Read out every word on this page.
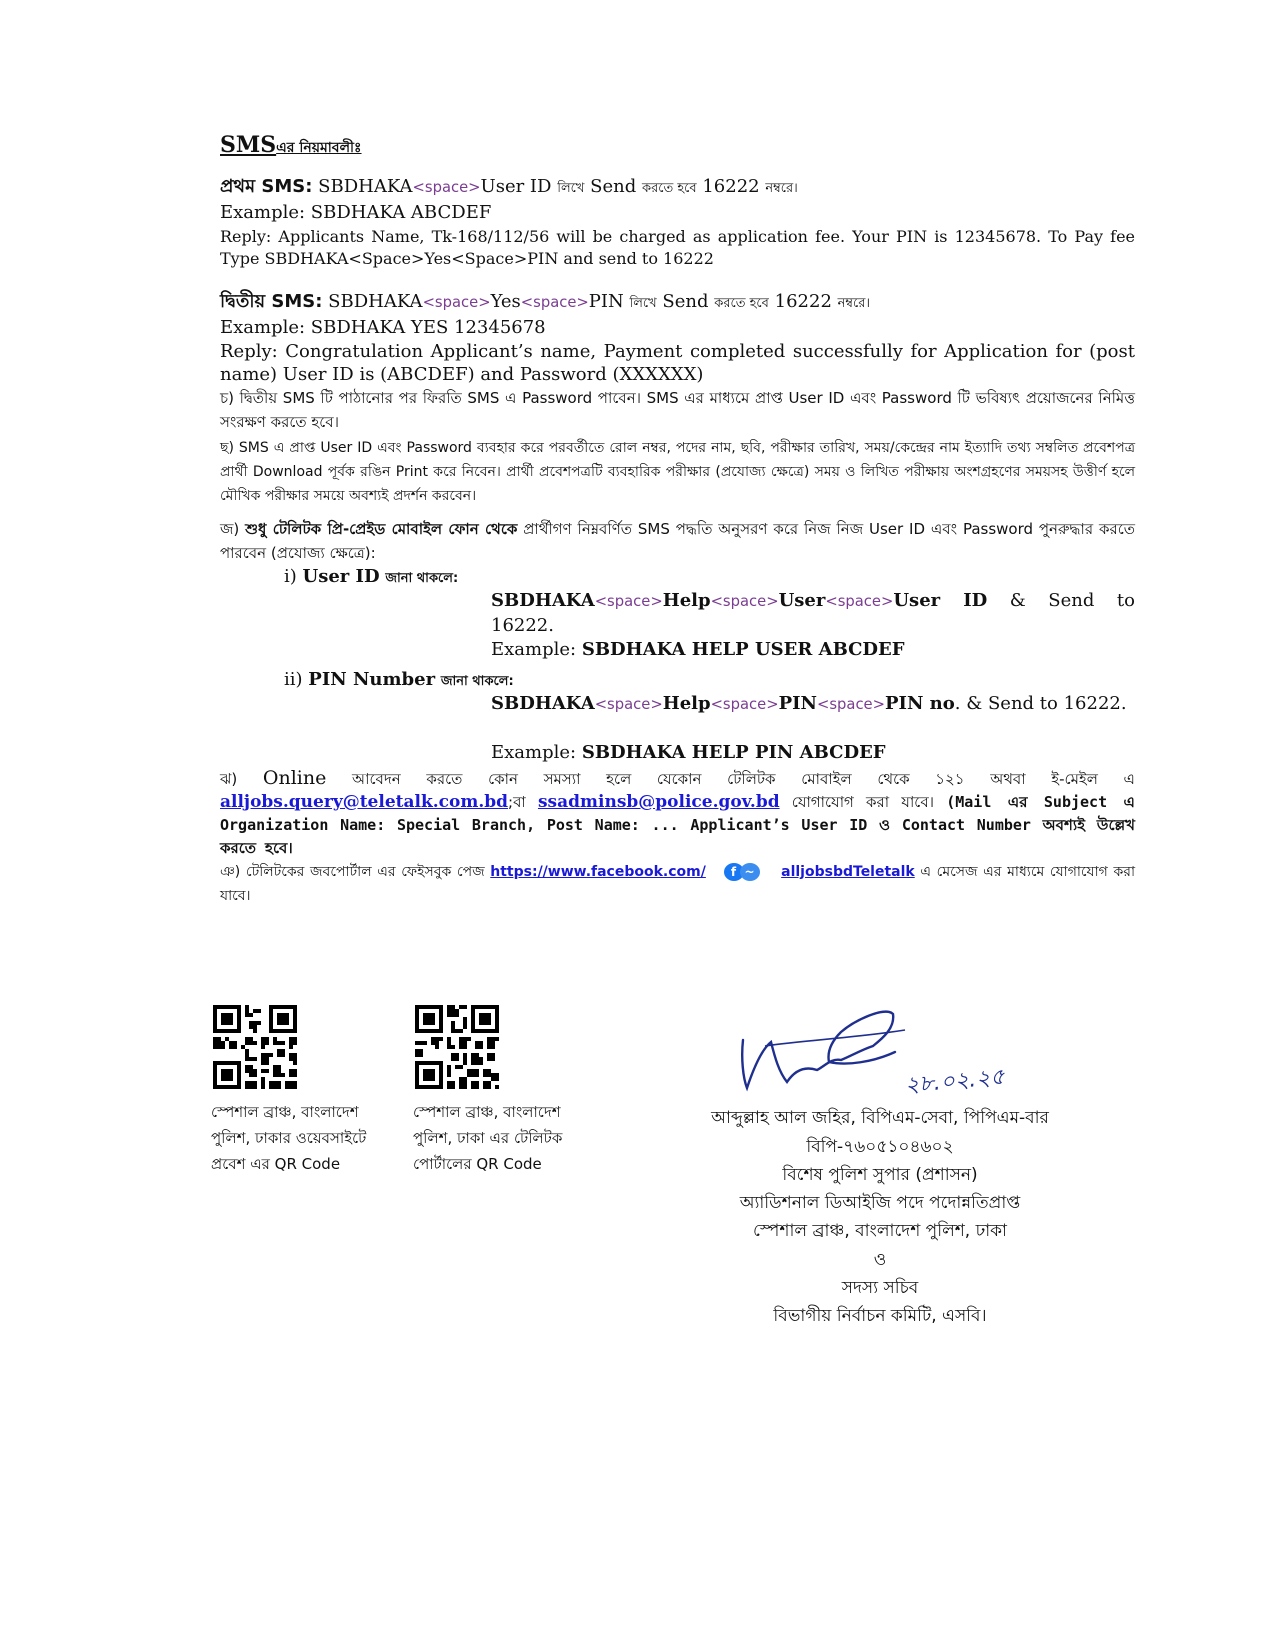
SMSএর নিয়মাবলীঃ
প্রথম SMS: SBDHAKA<space>User ID লিখে Send করতে হবে 16222 নম্বরে।
Example: SBDHAKA ABCDEF
Reply: Applicants Name, Tk-168/112/56 will be charged as application fee. Your PIN is 12345678. To Pay fee Type SBDHAKA<Space>Yes<Space>PIN and send to 16222
দ্বিতীয় SMS: SBDHAKA<space>Yes<space>PIN লিখে Send করতে হবে 16222 নম্বরে।
Example: SBDHAKA YES 12345678
Reply: Congratulation Applicant’s name, Payment completed successfully for Application for (post name) User ID is (ABCDEF) and Password (XXXXXX)
চ) দ্বিতীয় SMS টি পাঠানোর পর ফিরতি SMS এ Password পাবেন। SMS এর মাধ্যমে প্রাপ্ত User ID এবং Password টি ভবিষ্যৎ প্রয়োজনের নিমিত্ত সংরক্ষণ করতে হবে।
ছ) SMS এ প্রাপ্ত User ID এবং Password ব্যবহার করে পরবর্তীতে রোল নম্বর, পদের নাম, ছবি, পরীক্ষার তারিখ, সময়/কেন্দ্রের নাম ইত্যাদি তথ্য সম্বলিত প্রবেশপত্র প্রার্থী Download পূর্বক রঙিন Print করে নিবেন। প্রার্থী প্রবেশপত্রটি ব্যবহারিক পরীক্ষার (প্রযোজ্য ক্ষেত্রে) সময় ও লিখিত পরীক্ষায় অংশগ্রহণের সময়সহ উত্তীর্ণ হলে মৌখিক পরীক্ষার সময়ে অবশ্যই প্রদর্শন করবেন।
জ) শুধু টেলিটক প্রি-প্রেইড মোবাইল ফোন থেকে প্রার্থীগণ নিম্নবর্ণিত SMS পদ্ধতি অনুসরণ করে নিজ নিজ User ID এবং Password পুনরুদ্ধার করতে পারবেন (প্রযোজ্য ক্ষেত্রে):
i) User ID জানা থাকলে:
SBDHAKA<space>Help<space>User<space>User ID & Send to 16222.
Example: SBDHAKA HELP USER ABCDEF
ii) PIN Number জানা থাকলে:
SBDHAKA<space>Help<space>PIN<space>PIN no. & Send to 16222.
Example: SBDHAKA HELP PIN ABCDEF
ঝ) Online আবেদন করতে কোন সমস্যা হলে যেকোন টেলিটক মোবাইল থেকে ১২১ অথবা ই-মেইল এ alljobs.query@teletalk.com.bd;বা ssadminsb@police.gov.bd যোগাযোগ করা যাবে। (Mail এর Subject এ Organization Name: Special Branch, Post Name: ... Applicant’s User ID ও Contact Number অবশ্যই উল্লেখ করতে হবে।
ঞ) টেলিটকের জবপোর্টাল এর ফেইসবুক পেজ https://www.facebook.com/	f ~	alljobsbdTeletalk এ মেসেজ এর মাধ্যমে যোগাযোগ করা যাবে।
স্পেশাল ব্রাঞ্চ, বাংলাদেশ
পুলিশ, ঢাকার ওয়েবসাইটে
প্রবেশ এর QR Code
স্পেশাল ব্রাঞ্চ, বাংলাদেশ
পুলিশ, ঢাকা এর টেলিটক
পোর্টালের QR Code
২৮.০২.২৫
আব্দুল্লাহ আল জহির, বিপিএম-সেবা, পিপিএম-বার
বিপি-৭৬০৫১০৪৬০২
বিশেষ পুলিশ সুপার (প্রশাসন)
অ্যাডিশনাল ডিআইজি পদে পদোন্নতিপ্রাপ্ত
স্পেশাল ব্রাঞ্চ, বাংলাদেশ পুলিশ, ঢাকা
ও
সদস্য সচিব
বিভাগীয় নির্বাচন কমিটি, এসবি।
